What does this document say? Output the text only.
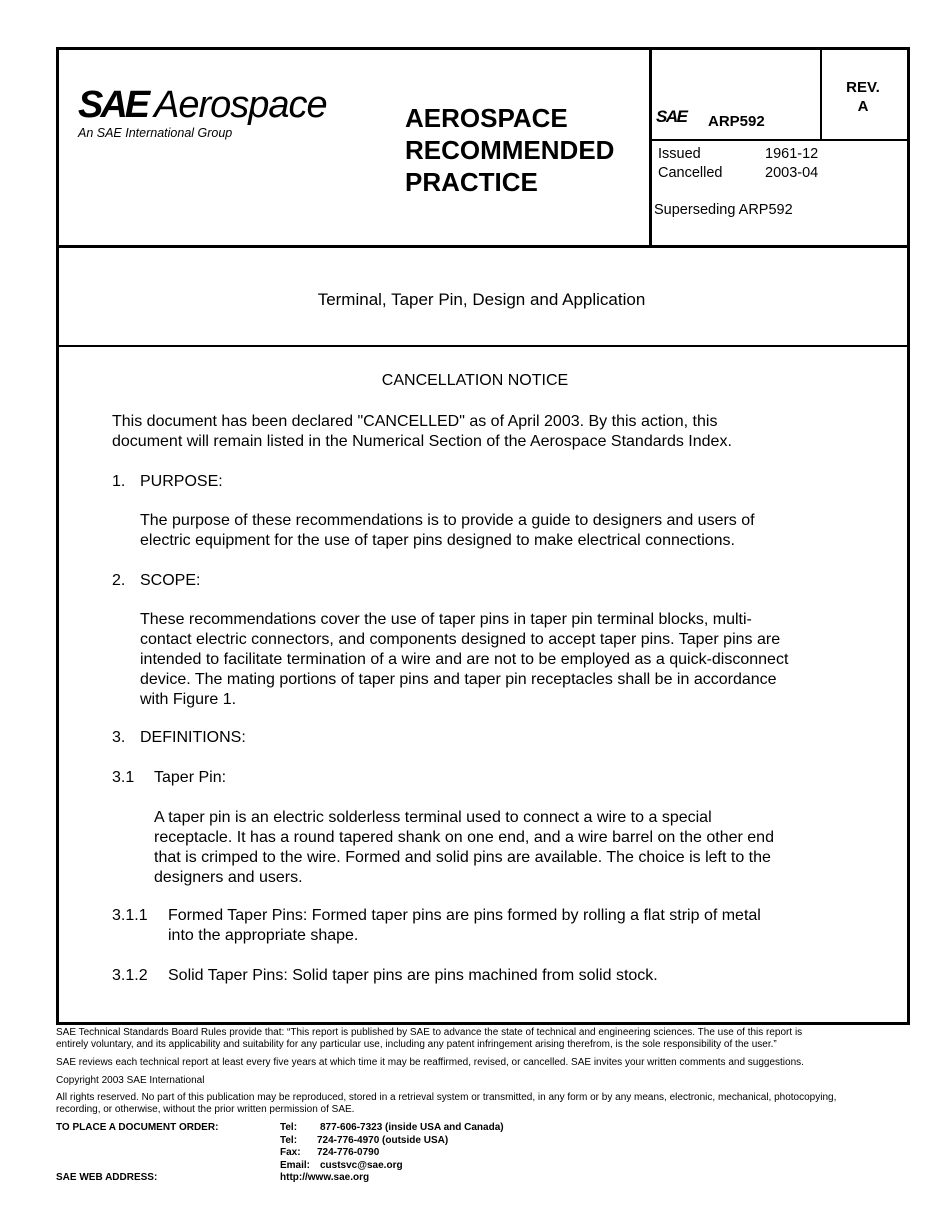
SAE Aerospace
An SAE International Group	AEROSPACE
RECOMMENDED
PRACTICE
SAE ARP592
REV.
A
Issued	1961-12
Cancelled	2003-04
Superseding ARP592
Terminal, Taper Pin, Design and Application
CANCELLATION NOTICE
This document has been declared "CANCELLED" as of April 2003. By this action, this
document will remain listed in the Numerical Section of the Aerospace Standards Index.
1. PURPOSE:
The purpose of these recommendations is to provide a guide to designers and users of
electric equipment for the use of taper pins designed to make electrical connections.
2. SCOPE:
These recommendations cover the use of taper pins in taper pin terminal blocks, multi-
contact electric connectors, and components designed to accept taper pins. Taper pins are
intended to facilitate termination of a wire and are not to be employed as a quick-disconnect
device. The mating portions of taper pins and taper pin receptacles shall be in accordance
with Figure 1.
3. DEFINITIONS:
3.1 Taper Pin:
A taper pin is an electric solderless terminal used to connect a wire to a special
receptacle. It has a round tapered shank on one end, and a wire barrel on the other end
that is crimped to the wire. Formed and solid pins are available. The choice is left to the
designers and users.
3.1.1 Formed Taper Pins: Formed taper pins are pins formed by rolling a flat strip of metal
into the appropriate shape.
3.1.2 Solid Taper Pins: Solid taper pins are pins machined from solid stock.
SAE Technical Standards Board Rules provide that: “This report is published by SAE to advance the state of technical and engineering sciences. The use of this report is
entirely voluntary, and its applicability and suitability for any particular use, including any patent infringement arising therefrom, is the sole responsibility of the user.”
SAE reviews each technical report at least every five years at which time it may be reaffirmed, revised, or cancelled. SAE invites your written comments and suggestions.
Copyright 2003 SAE International
All rights reserved. No part of this publication may be reproduced, stored in a retrieval system or transmitted, in any form or by any means, electronic, mechanical, photocopying,
recording, or otherwise, without the prior written permission of SAE.
TO PLACE A DOCUMENT ORDER:	Tel: 877-606-7323 (inside USA and Canada)
Tel: 724-776-4970 (outside USA)
Fax: 724-776-0790
Email: custsvc@sae.org
SAE WEB ADDRESS:	http://www.sae.org
